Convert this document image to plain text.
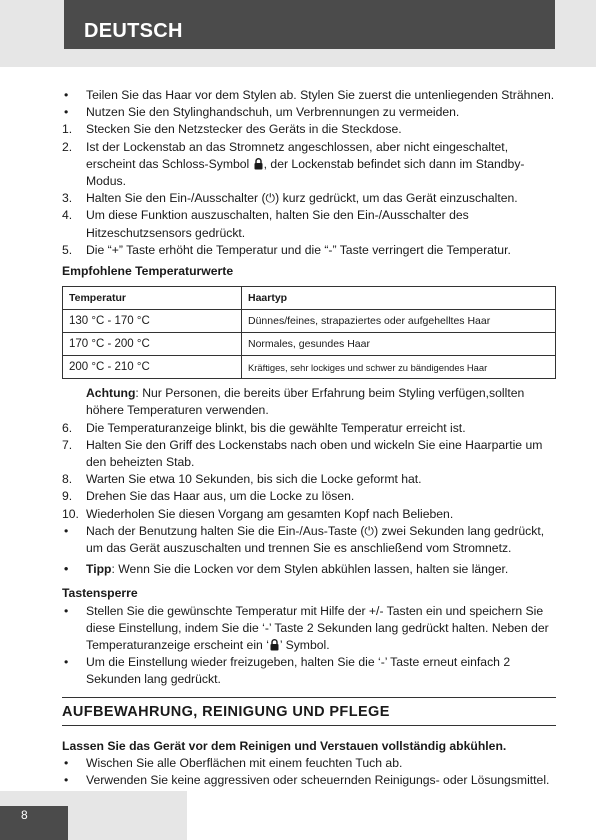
DEUTSCH
•	Teilen Sie das Haar vor dem Stylen ab. Stylen Sie zuerst die untenliegenden Strähnen.
•	Nutzen Sie den Stylinghandschuh, um Verbrennungen zu vermeiden.
1.	Stecken Sie den Netzstecker des Geräts in die Steckdose.
2.	Ist der Lockenstab an das Stromnetz angeschlossen, aber nicht eingeschaltet, erscheint das Schloss-Symbol , der Lockenstab befindet sich dann im Standby-Modus.
3.	Halten Sie den Ein-/Ausschalter (⏻) kurz gedrückt, um das Gerät einzuschalten.
4.	Um diese Funktion auszuschalten, halten Sie den Ein-/Ausschalter des Hitzeschutzsensors gedrückt.
5.	Die “+” Taste erhöht die Temperatur und die “-” Taste verringert die Temperatur.
Empfohlene Temperaturwerte
Temperatur	Haartyp
130 °C - 170 °C	Dünnes/feines, strapaziertes oder aufgehelltes Haar
170 °C - 200 °C	Normales, gesundes Haar
200 °C - 210 °C	Kräftiges, sehr lockiges und schwer zu bändigendes Haar
Achtung: Nur Personen, die bereits über Erfahrung beim Styling verfügen,sollten höhere Temperaturen verwenden.
6.	Die Temperaturanzeige blinkt, bis die gewählte Temperatur erreicht ist.
7.	Halten Sie den Griff des Lockenstabs nach oben und wickeln Sie eine Haarpartie um den beheizten Stab.
8.	Warten Sie etwa 10 Sekunden, bis sich die Locke geformt hat.
9.	Drehen Sie das Haar aus, um die Locke zu lösen.
10. Wiederholen Sie diesen Vorgang am gesamten Kopf nach Belieben.
•	Nach der Benutzung halten Sie die Ein-/Aus-Taste (⏻) zwei Sekunden lang gedrückt, um das Gerät auszuschalten und trennen Sie es anschließend vom Stromnetz.
•	Tipp: Wenn Sie die Locken vor dem Stylen abkühlen lassen, halten sie länger.
Tastensperre
•	Stellen Sie die gewünschte Temperatur mit Hilfe der +/- Tasten ein und speichern Sie diese Einstellung, indem Sie die ‘-’ Taste 2 Sekunden lang gedrückt halten. Neben der Temperaturanzeige erscheint ein ‘ ’ Symbol.
•	Um die Einstellung wieder freizugeben, halten Sie die ‘-’ Taste erneut einfach 2 Sekunden lang gedrückt.
AUFBEWAHRUNG, REINIGUNG UND PFLEGE
Lassen Sie das Gerät vor dem Reinigen und Verstauen vollständig abkühlen.
•	Wischen Sie alle Oberflächen mit einem feuchten Tuch ab.
•	Verwenden Sie keine aggressiven oder scheuernden Reinigungs- oder Lösungsmittel.
8
